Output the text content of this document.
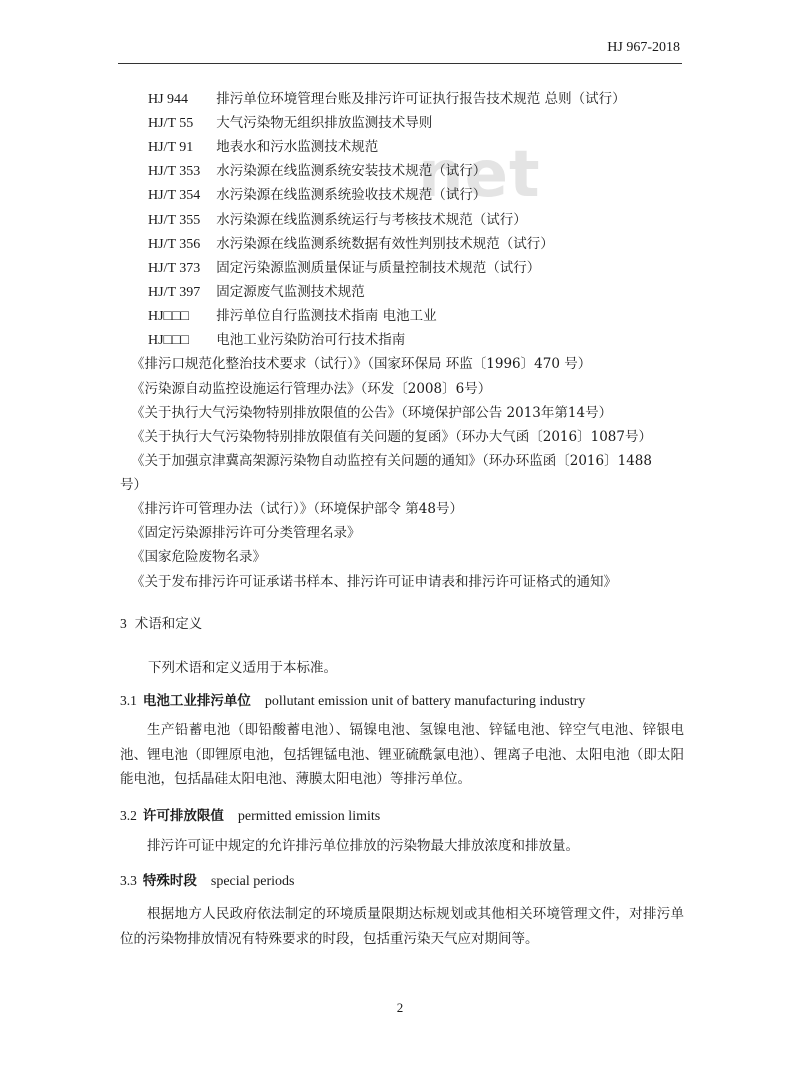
HJ 967-2018
net
HJ 944 排污单位环境管理台账及排污许可证执行报告技术规范 总则（试行）
HJ/T 55 大气污染物无组织排放监测技术导则
HJ/T 91 地表水和污水监测技术规范
HJ/T 353 水污染源在线监测系统安装技术规范（试行）
HJ/T 354 水污染源在线监测系统验收技术规范（试行）
HJ/T 355 水污染源在线监测系统运行与考核技术规范（试行）
HJ/T 356 水污染源在线监测系统数据有效性判别技术规范（试行）
HJ/T 373 固定污染源监测质量保证与质量控制技术规范（试行）
HJ/T 397 固定源废气监测技术规范
HJ□□□ 排污单位自行监测技术指南 电池工业
HJ□□□ 电池工业污染防治可行技术指南
《排污口规范化整治技术要求（试行）》（国家环保局 环监〔1996〕470 号）
《污染源自动监控设施运行管理办法》（环发〔2008〕6号）
《关于执行大气污染物特别排放限值的公告》（环境保护部公告 2013年第14号）
《关于执行大气污染物特别排放限值有关问题的复函》（环办大气函〔2016〕1087号）
《关于加强京津冀高架源污染物自动监控有关问题的通知》（环办环监函〔2016〕1488
号）
《排污许可管理办法（试行）》（环境保护部令 第48号）
《固定污染源排污许可分类管理名录》
《国家危险废物名录》
《关于发布排污许可证承诺书样本、排污许可证申请表和排污许可证格式的通知》
3 术语和定义
下列术语和定义适用于本标准。
3.1 电池工业排污单位 pollutant emission unit of battery manufacturing industry
生产铅蓄电池（即铅酸蓄电池）、镉镍电池、氢镍电池、锌锰电池、锌空气电池、锌银电池、锂电池（即锂原电池，包括锂锰电池、锂亚硫酰氯电池）、锂离子电池、太阳电池（即太阳能电池，包括晶硅太阳电池、薄膜太阳电池）等排污单位。
3.2 许可排放限值 permitted emission limits
排污许可证中规定的允许排污单位排放的污染物最大排放浓度和排放量。
3.3 特殊时段 special periods
根据地方人民政府依法制定的环境质量限期达标规划或其他相关环境管理文件，对排污单位的污染物排放情况有特殊要求的时段，包括重污染天气应对期间等。
2
